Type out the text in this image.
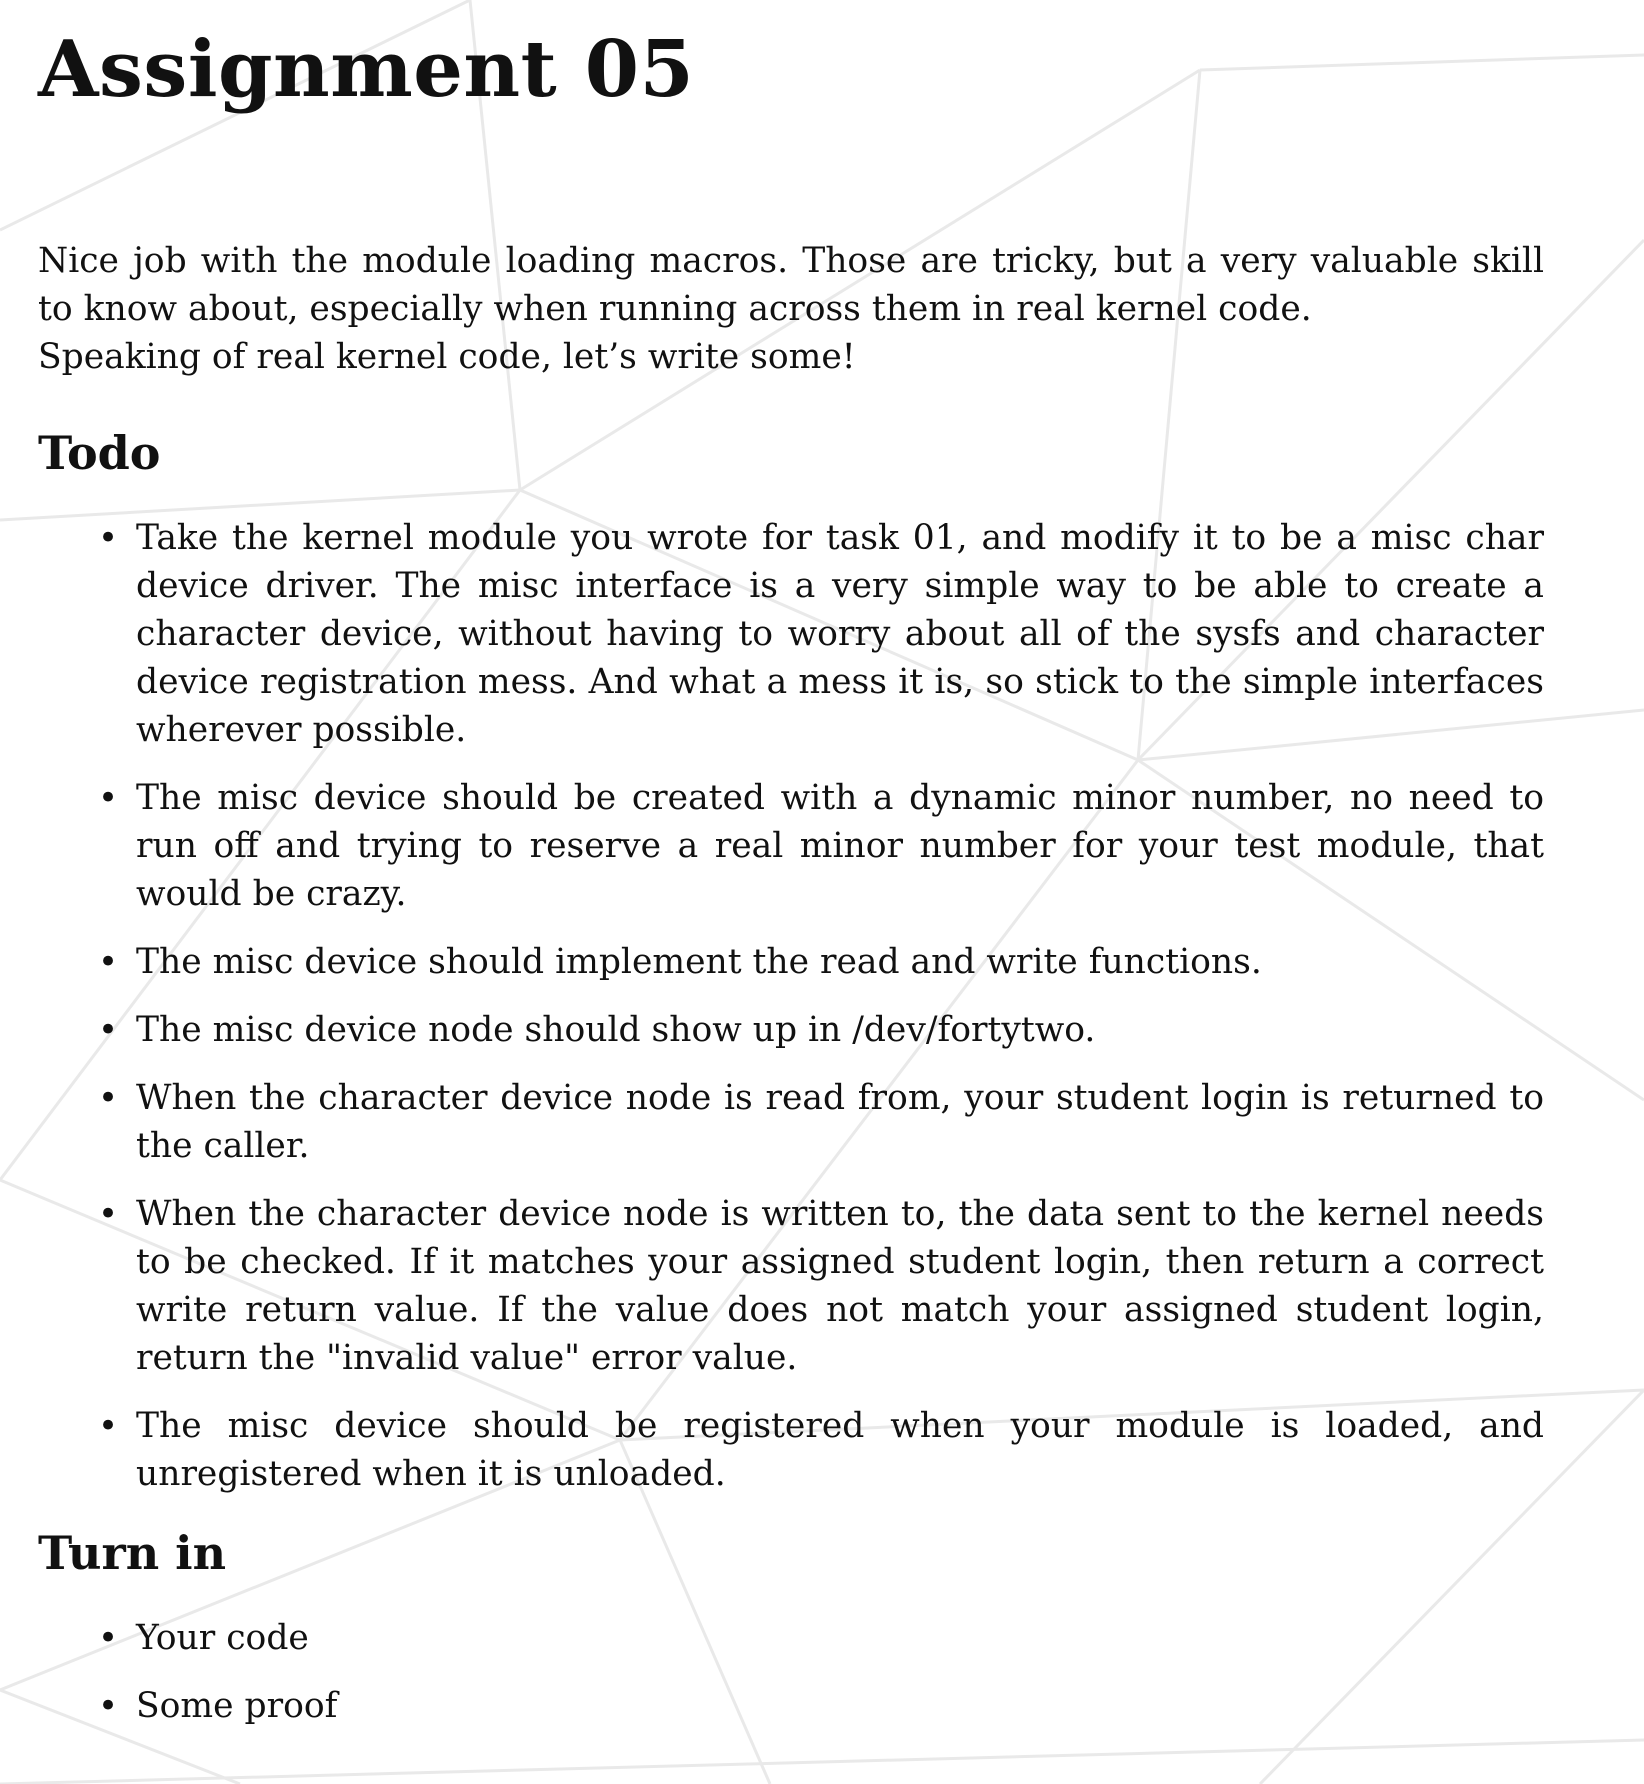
Assignment 05

Nice job with the module loading macros. Those are tricky, but a very valuable skill to know about, especially when running across them in real kernel code.

Speaking of real kernel code, let’s write some!

Todo
• Take the kernel module you wrote for task 01, and modify it to be a misc char device driver. The misc interface is a very simple way to be able to create a character device, without having to worry about all of the sysfs and character device registration mess. And what a mess it is, so stick to the simple interfaces wherever possible.
• The misc device should be created with a dynamic minor number, no need to run off and trying to reserve a real minor number for your test module, that would be crazy.
• The misc device should implement the read and write functions.
• The misc device node should show up in /dev/fortytwo.
• When the character device node is read from, your student login is returned to the caller.
• When the character device node is written to, the data sent to the kernel needs to be checked. If it matches your assigned student login, then return a correct write return value. If the value does not match your assigned student login, return the "invalid value" error value.
• The misc device should be registered when your module is loaded, and unregistered when it is unloaded.
Turn in
• Your code
• Some proof
